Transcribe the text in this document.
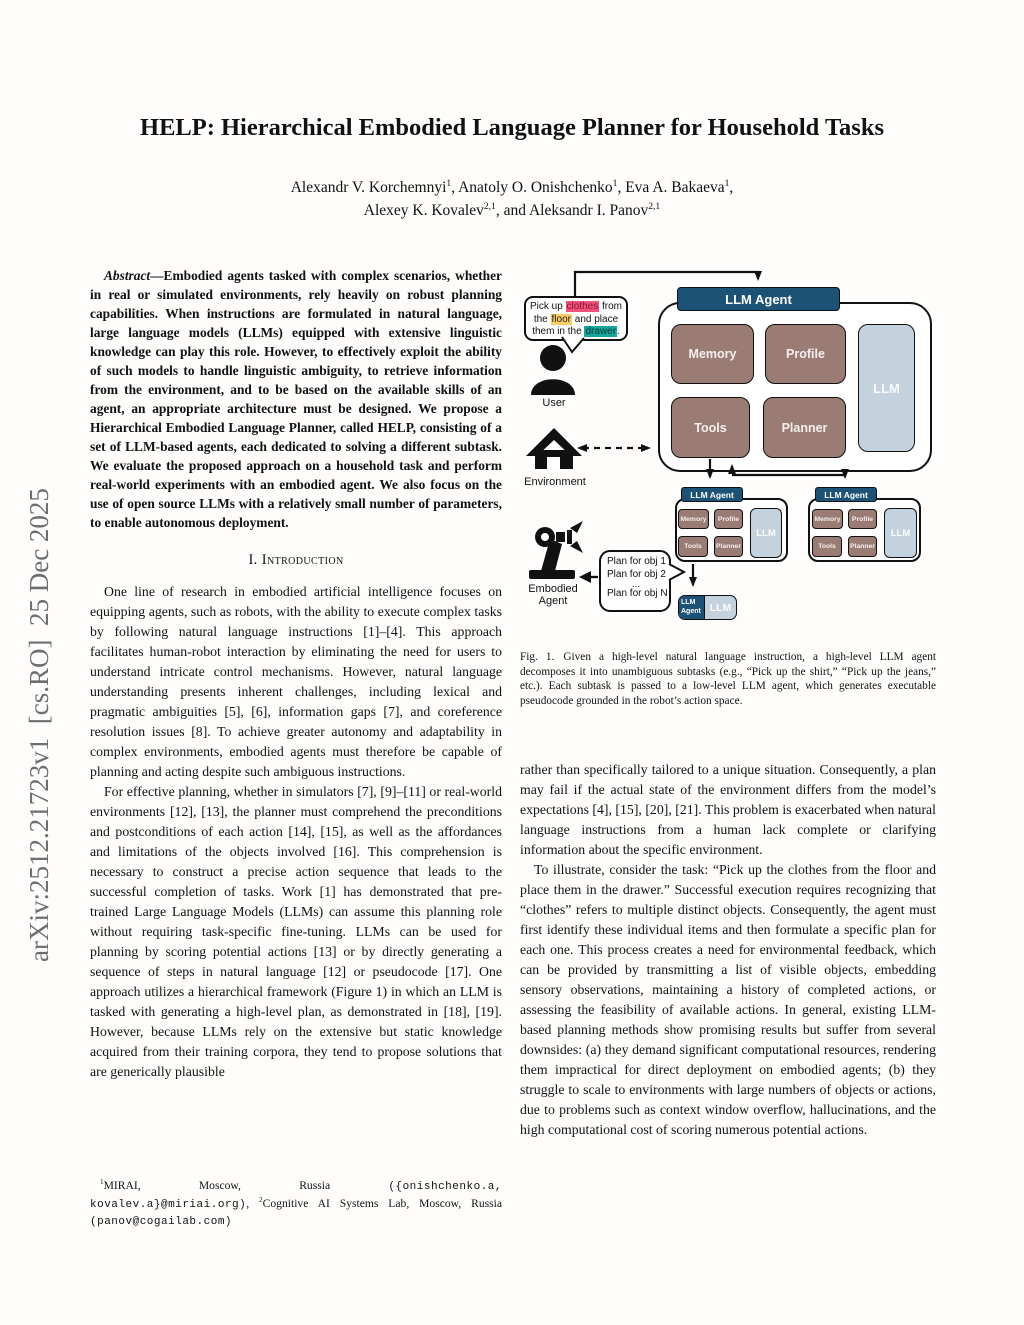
arXiv:2512.21723v1  [cs.RO]  25 Dec 2025
HELP: Hierarchical Embodied Language Planner for Household Tasks
Alexandr V. Korchemnyi$^1$, Anatoly O. Onishchenko$^1$, Eva A. Bakaeva$^1$,
Alexey K. Kovalev$^{2,1}$, and Aleksandr I. Panov$^{2,1}$

Abstract—Embodied agents tasked with complex scenarios, whether in real or simulated environments, rely heavily on robust planning capabilities. When instructions are formulated in natural language, large language models (LLMs) equipped with extensive linguistic knowledge can play this role. However, to effectively exploit the ability of such models to handle linguistic ambiguity, to retrieve information from the environment, and to be based on the available skills of an agent, an appropriate architecture must be designed. We propose a Hierarchical Embodied Language Planner, called HELP, consisting of a set of LLM-based agents, each dedicated to solving a different subtask. We evaluate the proposed approach on a household task and perform real-world experiments with an embodied agent. We also focus on the use of open source LLMs with a relatively small number of parameters, to enable autonomous deployment.

I. Introduction

One line of research in embodied artificial intelligence focuses on equipping agents, such as robots, with the ability to execute complex tasks by following natural language instructions [1]–[4]. This approach facilitates human-robot interaction by eliminating the need for users to understand intricate control mechanisms. However, natural language understanding presents inherent challenges, including lexical and pragmatic ambiguities [5], [6], information gaps [7], and coreference resolution issues [8]. To achieve greater autonomy and adaptability in complex environments, embodied agents must therefore be capable of planning and acting despite such ambiguous instructions.

For effective planning, whether in simulators [7], [9]–[11] or real-world environments [12], [13], the planner must comprehend the preconditions and postconditions of each action [14], [15], as well as the affordances and limitations of the objects involved [16]. This comprehension is necessary to construct a precise action sequence that leads to the successful completion of tasks. Work [1] has demonstrated that pre-trained Large Language Models (LLMs) can assume this planning role without requiring task-specific fine-tuning. LLMs can be used for planning by scoring potential actions [13] or by directly generating a sequence of steps in natural language [12] or pseudocode [17]. One approach utilizes a hierarchical framework (Figure 1) in which an LLM is tasked with generating a high-level plan, as demonstrated in [18], [19]. However, because LLMs rely on the extensive but static knowledge acquired from their training corpora, they tend to propose solutions that are generically plausible

$^1$MIRAI, Moscow, Russia ({onishchenko.a, kovalev.a}@miriai.org), $^2$Cognitive AI Systems Lab, Moscow, Russia (panov@cogailab.com)

LLM Agent
Memory	Profile
Tools	Planner
LLM
LLM Agent
Memory	Profile
Tools	Planner
LLM
LLM Agent
Memory	Profile
Tools	Planner
LLM
LLM Agent LLM
Pick up clothes from the floor and place them in the drawer.
Plan for obj 1
Plan for obj 2
...
Plan for obj N
User
Environment
Embodied Agent
Fig. 1. Given a high-level natural language instruction, a high-level LLM agent decomposes it into unambiguous subtasks (e.g., “Pick up the shirt,” “Pick up the jeans,” etc.). Each subtask is passed to a low-level LLM agent, which generates executable pseudocode grounded in the robot’s action space.

rather than specifically tailored to a unique situation. Consequently, a plan may fail if the actual state of the environment differs from the model’s expectations [4], [15], [20], [21]. This problem is exacerbated when natural language instructions from a human lack complete or clarifying information about the specific environment.

To illustrate, consider the task: “Pick up the clothes from the floor and place them in the drawer.” Successful execution requires recognizing that “clothes” refers to multiple distinct objects. Consequently, the agent must first identify these individual items and then formulate a specific plan for each one. This process creates a need for environmental feedback, which can be provided by transmitting a list of visible objects, embedding sensory observations, maintaining a history of completed actions, or assessing the feasibility of available actions. In general, existing LLM-based planning methods show promising results but suffer from several downsides: (a) they demand significant computational resources, rendering them impractical for direct deployment on embodied agents; (b) they struggle to scale to environments with large numbers of objects or actions, due to problems such as context window overflow, hallucinations, and the high computational cost of scoring numerous potential actions.
